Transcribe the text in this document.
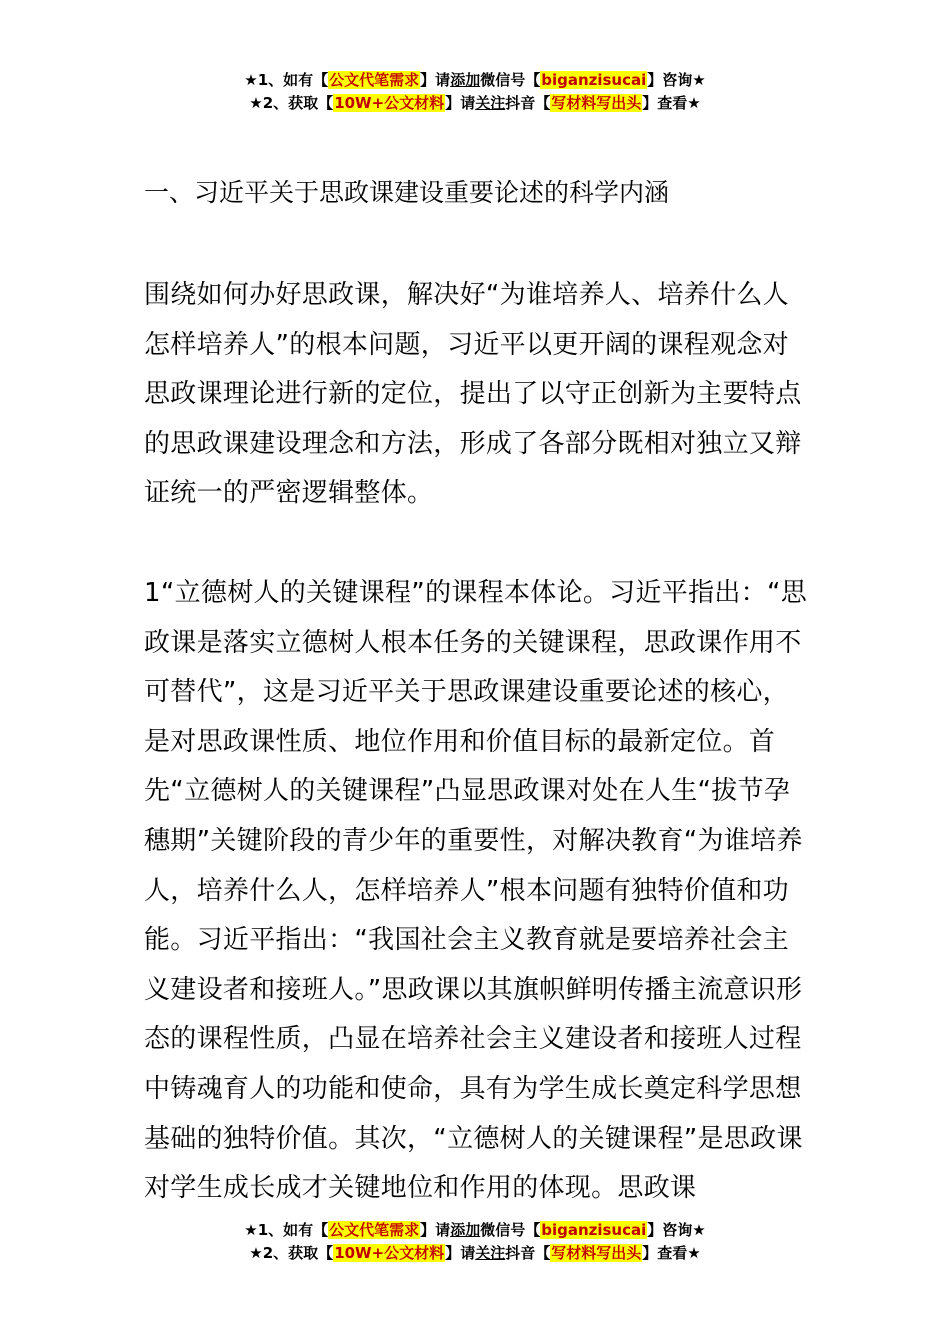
★1、如有【公文代笔需求】请添加微信号【biganzisucai】咨询★
★2、获取【10W+公文材料】请关注抖音【写材料写出头】查看★
一、习近平关于思政课建设重要论述的科学内涵

围绕如何办好思政课，解决好“为谁培养人、培养什么人怎样培养人”的根本问题，习近平以更开阔的课程观念对思政课理论进行新的定位，提出了以守正创新为主要特点的思政课建设理念和方法，形成了各部分既相对独立又辩证统一的严密逻辑整体。

1“立德树人的关键课程”的课程本体论。习近平指出：“思政课是落实立德树人根本任务的关键课程，思政课作用不可替代”，这是习近平关于思政课建设重要论述的核心，是对思政课性质、地位作用和价值目标的最新定位。首先“立德树人的关键课程”凸显思政课对处在人生“拔节孕穗期”关键阶段的青少年的重要性，对解决教育“为谁培养人，培养什么人，怎样培养人”根本问题有独特价值和功能。习近平指出：“我国社会主义教育就是要培养社会主义建设者和接班人。”思政课以其旗帜鲜明传播主流意识形态的课程性质，凸显在培养社会主义建设者和接班人过程中铸魂育人的功能和使命，具有为学生成长奠定科学思想基础的独特价值。其次，“立德树人的关键课程”是思政课对学生成长成才关键地位和作用的体现。思政课

★1、如有【公文代笔需求】请添加微信号【biganzisucai】咨询★
★2、获取【10W+公文材料】请关注抖音【写材料写出头】查看★
